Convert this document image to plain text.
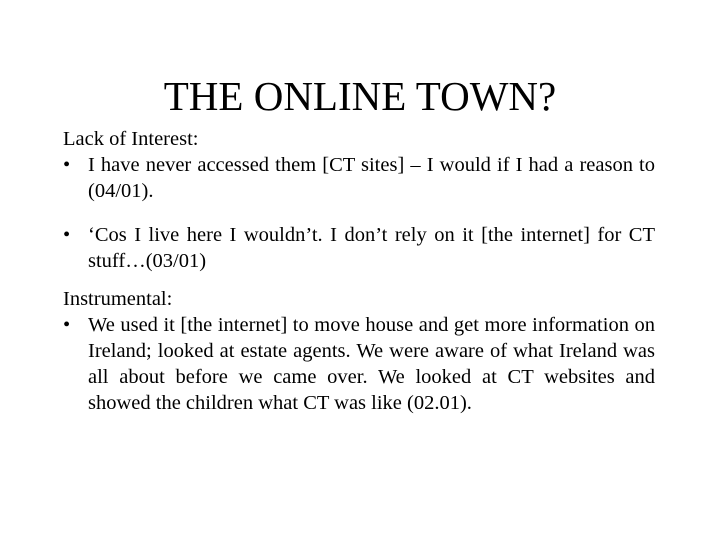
THE ONLINE TOWN?

Lack of Interest:

• I have never accessed them [CT sites] – I would if I had a reason to (04/01).
• ‘Cos I live here I wouldn’t. I don’t rely on it [the internet] for CT stuff…(03/01)

Instrumental:

• We used it [the internet] to move house and get more information on Ireland; looked at estate agents. We were aware of what Ireland was all about before we came over. We looked at CT websites and showed the children what CT was like (02.01).
